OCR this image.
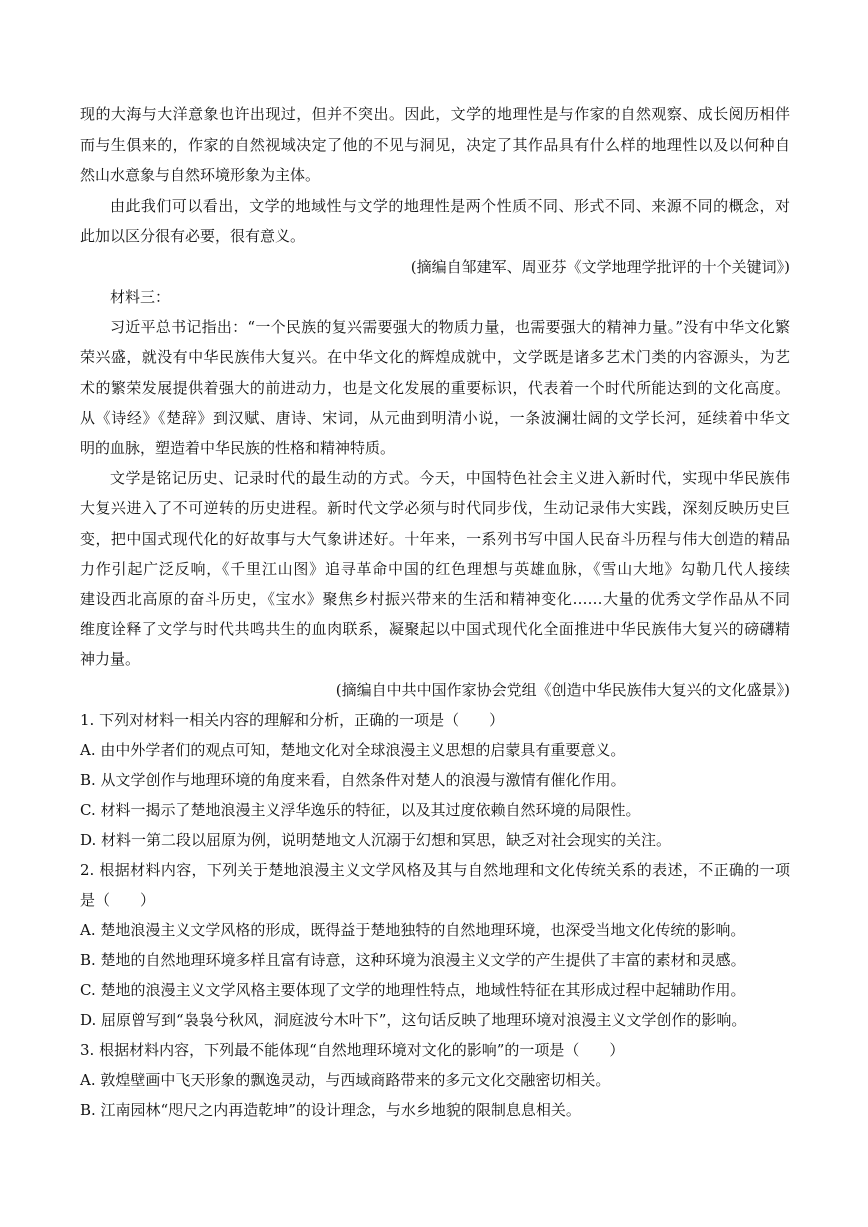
现的大海与大洋意象也许出现过，但并不突出。因此，文学的地理性是与作家的自然观察、成长阅历相伴
而与生俱来的，作家的自然视域决定了他的不见与洞见，决定了其作品具有什么样的地理性以及以何种自
然山水意象与自然环境形象为主体。
由此我们可以看出，文学的地域性与文学的地理性是两个性质不同、形式不同、来源不同的概念，对
此加以区分很有必要，很有意义。
(摘编自邹建军、周亚芬《文学地理学批评的十个关键词》)
材料三：
习近平总书记指出：“一个民族的复兴需要强大的物质力量，也需要强大的精神力量。”没有中华文化繁
荣兴盛，就没有中华民族伟大复兴。在中华文化的辉煌成就中，文学既是诸多艺术门类的内容源头，为艺
术的繁荣发展提供着强大的前进动力，也是文化发展的重要标识，代表着一个时代所能达到的文化高度。
从《诗经》《楚辞》到汉赋、唐诗、宋词，从元曲到明清小说，一条波澜壮阔的文学长河，延续着中华文
明的血脉，塑造着中华民族的性格和精神特质。
文学是铭记历史、记录时代的最生动的方式。今天，中国特色社会主义进入新时代，实现中华民族伟
大复兴进入了不可逆转的历史进程。新时代文学必须与时代同步伐，生动记录伟大实践，深刻反映历史巨
变，把中国式现代化的好故事与大气象讲述好。十年来，一系列书写中国人民奋斗历程与伟大创造的精品
力作引起广泛反响，《千里江山图》追寻革命中国的红色理想与英雄血脉，《雪山大地》勾勒几代人接续
建设西北高原的奋斗历史，《宝水》聚焦乡村振兴带来的生活和精神变化……大量的优秀文学作品从不同
维度诠释了文学与时代共鸣共生的血肉联系，凝聚起以中国式现代化全面推进中华民族伟大复兴的磅礴精
神力量。
(摘编自中共中国作家协会党组《创造中华民族伟大复兴的文化盛景》)
1. 下列对材料一相关内容的理解和分析，正确的一项是（　　）
A. 由中外学者们的观点可知，楚地文化对全球浪漫主义思想的启蒙具有重要意义。
B. 从文学创作与地理环境的角度来看，自然条件对楚人的浪漫与激情有催化作用。
C. 材料一揭示了楚地浪漫主义浮华逸乐的特征，以及其过度依赖自然环境的局限性。
D. 材料一第二段以屈原为例，说明楚地文人沉溺于幻想和冥思，缺乏对社会现实的关注。
2. 根据材料内容，下列关于楚地浪漫主义文学风格及其与自然地理和文化传统关系的表述，不正确的一项
是（　　）
A. 楚地浪漫主义文学风格的形成，既得益于楚地独特的自然地理环境，也深受当地文化传统的影响。
B. 楚地的自然地理环境多样且富有诗意，这种环境为浪漫主义文学的产生提供了丰富的素材和灵感。
C. 楚地的浪漫主义文学风格主要体现了文学的地理性特点，地域性特征在其形成过程中起辅助作用。
D. 屈原曾写到“袅袅兮秋风，洞庭波兮木叶下”，这句话反映了地理环境对浪漫主义文学创作的影响。
3. 根据材料内容，下列最不能体现“自然地理环境对文化的影响”的一项是（　　）
A. 敦煌壁画中飞天形象的飘逸灵动，与西域商路带来的多元文化交融密切相关。
B. 江南园林“咫尺之内再造乾坤”的设计理念，与水乡地貌的限制息息相关。
